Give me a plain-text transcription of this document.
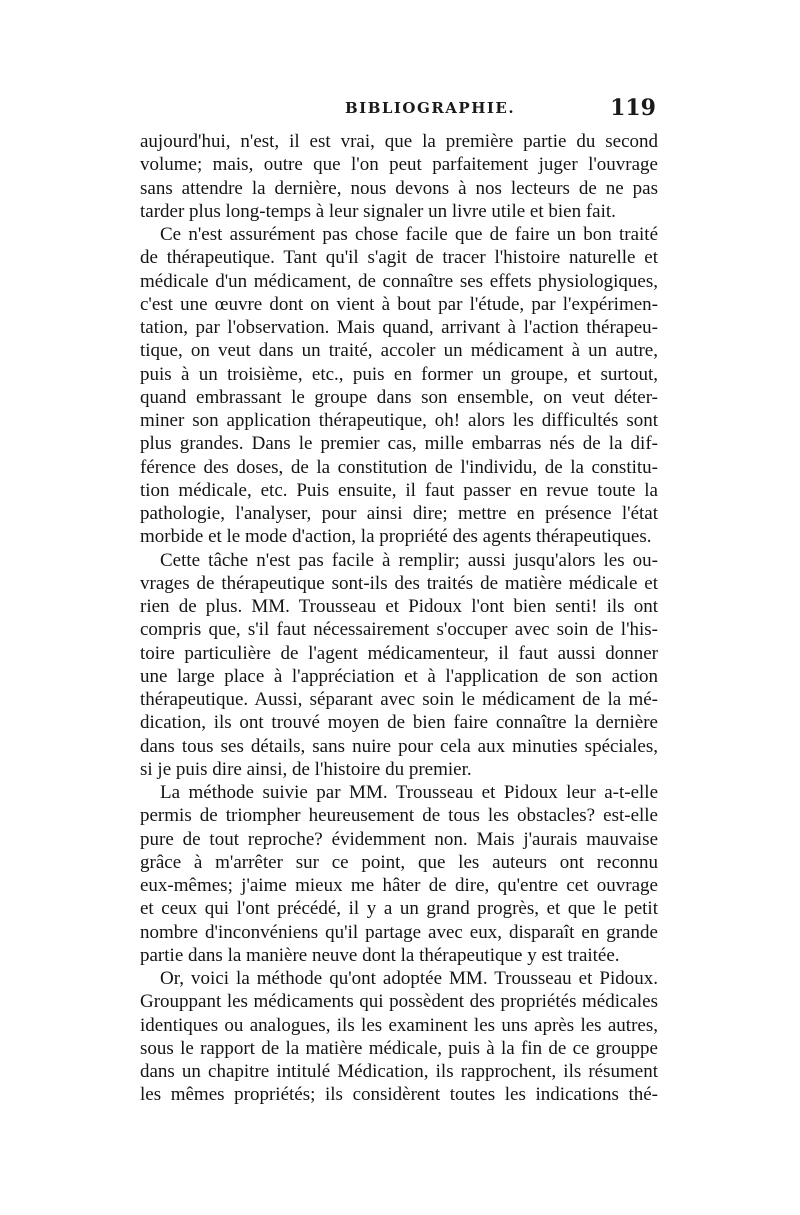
BIBLIOGRAPHIE.	119
aujourd'hui, n'est, il est vrai, que la première partie du second
volume; mais, outre que l'on peut parfaitement juger l'ouvrage
sans attendre la dernière, nous devons à nos lecteurs de ne pas
tarder plus long-temps à leur signaler un livre utile et bien fait.
Ce n'est assurément pas chose facile que de faire un bon traité
de thérapeutique. Tant qu'il s'agit de tracer l'histoire naturelle et
médicale d'un médicament, de connaître ses effets physiologiques,
c'est une œuvre dont on vient à bout par l'étude, par l'expérimen-
tation, par l'observation. Mais quand, arrivant à l'action thérapeu-
tique, on veut dans un traité, accoler un médicament à un autre,
puis à un troisième, etc., puis en former un groupe, et surtout,
quand embrassant le groupe dans son ensemble, on veut déter-
miner son application thérapeutique, oh! alors les difficultés sont
plus grandes. Dans le premier cas, mille embarras nés de la dif-
férence des doses, de la constitution de l'individu, de la constitu-
tion médicale, etc. Puis ensuite, il faut passer en revue toute la
pathologie, l'analyser, pour ainsi dire; mettre en présence l'état
morbide et le mode d'action, la propriété des agents thérapeutiques.
Cette tâche n'est pas facile à remplir; aussi jusqu'alors les ou-
vrages de thérapeutique sont-ils des traités de matière médicale et
rien de plus. MM. Trousseau et Pidoux l'ont bien senti! ils ont
compris que, s'il faut nécessairement s'occuper avec soin de l'his-
toire particulière de l'agent médicamenteur, il faut aussi donner
une large place à l'appréciation et à l'application de son action
thérapeutique. Aussi, séparant avec soin le médicament de la mé-
dication, ils ont trouvé moyen de bien faire connaître la dernière
dans tous ses détails, sans nuire pour cela aux minuties spéciales,
si je puis dire ainsi, de l'histoire du premier.
La méthode suivie par MM. Trousseau et Pidoux leur a-t-elle
permis de triompher heureusement de tous les obstacles? est-elle
pure de tout reproche? évidemment non. Mais j'aurais mauvaise
grâce à m'arrêter sur ce point, que les auteurs ont reconnu
eux-mêmes; j'aime mieux me hâter de dire, qu'entre cet ouvrage
et ceux qui l'ont précédé, il y a un grand progrès, et que le petit
nombre d'inconvéniens qu'il partage avec eux, disparaît en grande
partie dans la manière neuve dont la thérapeutique y est traitée.
Or, voici la méthode qu'ont adoptée MM. Trousseau et Pidoux.
Grouppant les médicaments qui possèdent des propriétés médicales
identiques ou analogues, ils les examinent les uns après les autres,
sous le rapport de la matière médicale, puis à la fin de ce grouppe
dans un chapitre intitulé Médication, ils rapprochent, ils résument
les mêmes propriétés; ils considèrent toutes les indications thé-
